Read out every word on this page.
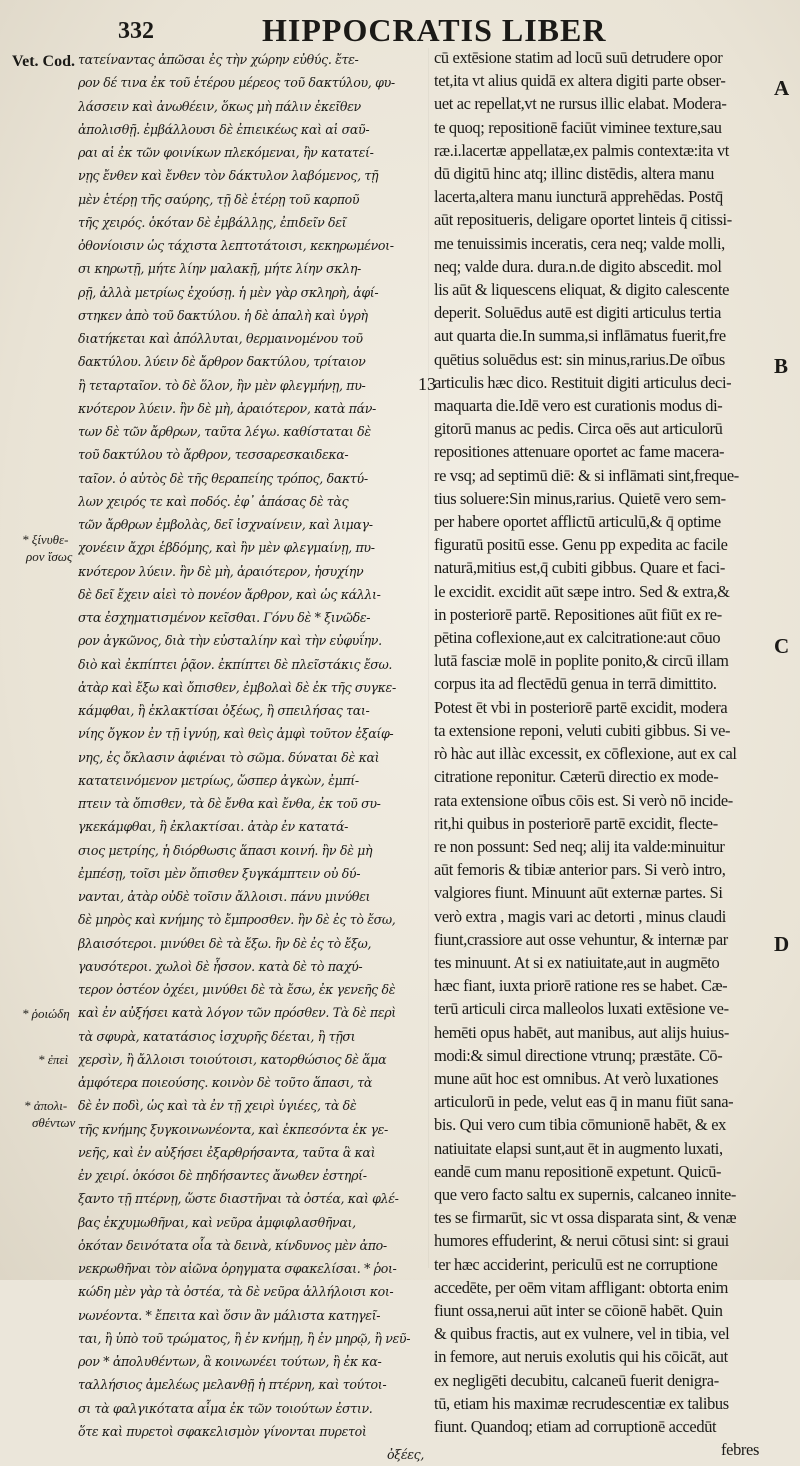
332	HIPPOCRATIS LIBER
Vet. Cod.
* ξίνυθε-
ρον ἴσως
* ῥοιώδη
* ἐπεὶ
* ἀπολι-
σθέντων
τατείναντας ἀπῶσαι ἐς τὴν χώρην εὐθύς. ἔτε-
ρον δέ τινα ἐκ τοῦ ἑτέρου μέρεος τοῦ δακτύλου, φυ-
λάσσειν καὶ ἀνωθέειν, ὅκως μὴ πάλιν ἐκεῖθεν
ἀπολισθῇ. ἐμβάλλουσι δὲ ἐπιεικέως καὶ αἱ σαῦ-
ραι αἱ ἐκ τῶν φοινίκων πλεκόμεναι, ἢν κατατεί-
νῃς ἔνθεν καὶ ἔνθεν τὸν δάκτυλον λαβόμενος, τῇ
μὲν ἑτέρῃ τῆς σαύρης, τῇ δὲ ἑτέρῃ τοῦ καρποῦ
τῆς χειρός. ὁκόταν δὲ ἐμβάλλῃς, ἐπιδεῖν δεῖ
ὀθονίοισιν ὡς τάχιστα λεπτοτάτοισι, κεκηρωμένοι-
σι κηρωτῇ, μήτε λίην μαλακῇ, μήτε λίην σκλη-
ρῇ, ἀλλὰ μετρίως ἐχούσῃ. ἡ μὲν γὰρ σκληρὴ, ἀφί-
στηκεν ἀπὸ τοῦ δακτύλου. ἡ δὲ ἁπαλὴ καὶ ὑγρὴ
διατήκεται καὶ ἀπόλλυται, θερμαινομένου τοῦ
δακτύλου. λύειν δὲ ἄρθρον δακτύλου, τρίταιον
ἢ τεταρταῖον. τὸ δὲ ὅλον, ἢν μὲν φλεγμήνῃ, πυ-
κνότερον λύειν. ἢν δὲ μὴ, ἀραιότερον, κατὰ πάν-
των δὲ τῶν ἄρθρων, ταῦτα λέγω. καθίσταται δὲ
τοῦ δακτύλου τὸ ἄρθρον, τεσσαρεσκαιδεκα-
ταῖον. ὁ αὐτὸς δὲ τῆς θεραπείης τρόπος, δακτύ-
λων χειρός τε καὶ ποδός. ἐφ᾽ ἁπάσας δὲ τὰς
τῶν ἄρθρων ἐμβολὰς, δεῖ ἰσχναίνειν, καὶ λιμαγ-
χονέειν ἄχρι ἑβδόμης, καὶ ἢν μὲν φλεγμαίνῃ, πυ-
κνότερον λύειν. ἢν δὲ μὴ, ἀραιότερον, ἡσυχίην
δὲ δεῖ ἔχειν αἰεὶ τὸ πονέον ἄρθρον, καὶ ὡς κάλλι-
στα ἐσχηματισμένον κεῖσθαι. Γόνυ δὲ * ξινῶδε-
ρον ἀγκῶνος, διὰ τὴν εὐσταλίην καὶ τὴν εὐφυΐην.
διὸ καὶ ἐκπίπτει ῥᾷον. ἐκπίπτει δὲ πλεῖστάκις ἔσω.
ἀτὰρ καὶ ἔξω καὶ ὄπισθεν, ἐμβολαὶ δὲ ἐκ τῆς συγκε-
κάμφθαι, ἢ ἐκλακτίσαι ὀξέως, ἢ σπειλήσας ται-
νίης ὄγκον ἐν τῇ ἰγνύῃ, καὶ θεὶς ἀμφὶ τοῦτον ἐξαίφ-
νης, ἐς ὄκλασιν ἀφιέναι τὸ σῶμα. δύναται δὲ καὶ
κατατεινόμενον μετρίως, ὥσπερ ἀγκὼν, ἐμπί-
πτειν τὰ ὄπισθεν, τὰ δὲ ἔνθα καὶ ἔνθα, ἐκ τοῦ συ-
γκεκάμφθαι, ἢ ἐκλακτίσαι. ἀτὰρ ἐν κατατά-
σιος μετρίης, ἡ διόρθωσις ἅπασι κοινή. ἢν δὲ μὴ
ἐμπέσῃ, τοῖσι μὲν ὄπισθεν ξυγκάμπτειν οὐ δύ-
νανται, ἀτὰρ οὐδὲ τοῖσιν ἄλλοισι. πάνυ μινύθει
δὲ μηρὸς καὶ κνήμης τὸ ἔμπροσθεν. ἢν δὲ ἐς τὸ ἔσω,
βλαισότεροι. μινύθει δὲ τὰ ἔξω. ἢν δὲ ἐς τὸ ἔξω,
γαυσότεροι. χωλοὶ δὲ ἧσσον. κατὰ δὲ τὸ παχύ-
τερον ὀστέον ὀχέει, μινύθει δὲ τὰ ἔσω, ἐκ γενεῆς δὲ
καὶ ἐν αὐξήσει κατὰ λόγον τῶν πρόσθεν. Τὰ δὲ περὶ
τὰ σφυρὰ, κατατάσιος ἰσχυρῆς δέεται, ἢ τῇσι
χερσὶν, ἢ ἄλλοισι τοιούτοισι, κατορθώσιος δὲ ἅμα
ἀμφότερα ποιεούσης. κοινὸν δὲ τοῦτο ἅπασι, τὰ
δὲ ἐν ποδὶ, ὡς καὶ τὰ ἐν τῇ χειρὶ ὑγιέες, τὰ δὲ
τῆς κνήμης ξυγκοινωνέοντα, καὶ ἐκπεσόντα ἐκ γε-
νεῆς, καὶ ἐν αὐξήσει ἐξαρθρήσαντα, ταῦτα ἃ καὶ
ἐν χειρί. ὁκόσοι δὲ πηδήσαντες ἄνωθεν ἐστηρί-
ξαντο τῇ πτέρνῃ, ὥστε διαστῆναι τὰ ὀστέα, καὶ φλέ-
βας ἐκχυμωθῆναι, καὶ νεῦρα ἀμφιφλασθῆναι,
ὁκόταν δεινότατα οἷα τὰ δεινὰ, κίνδυνος μὲν ἀπο-
νεκρωθῆναι τὸν αἰῶνα ὀρηγματα σφακελίσαι. * ῥοι-
κώδη μὲν γὰρ τὰ ὀστέα, τὰ δὲ νεῦρα ἀλλήλοισι κοι-
νωνέοντα. * ἔπειτα καὶ ὅσιν ἂν μάλιστα κατηγεῖ-
ται, ἢ ὑπὸ τοῦ τρώματος, ἢ ἐν κνήμῃ, ἢ ἐν μηρῷ, ἢ νεῦ-
ρον * ἀπολυθέντων, ἃ κοινωνέει τούτων, ἢ ἐκ κα-
ταλλήσιος ἀμελέως μελανθῇ ἡ πτέρνη, καὶ τούτοι-
σι τὰ φαλγικότατα αἷμα ἐκ τῶν τοιούτων ἐστιν.
ὅτε καὶ πυρετοὶ σφακελισμὸν γίνονται πυρετοὶ
ὀξέες,
13
cū extēsione statim ad locū suū detrudere opor
tet,ita vt alius quidā ex altera digiti parte obser-
uet ac repellat,vt ne rursus illic elabat. Modera-
te quoq; repositionē faciūt viminee texture,sau
ræ.i.lacertæ appellatæ,ex palmis contextæ:ita vt
dū digitū hinc atq; illinc distēdis, altera manu
lacerta,altera manu iuncturā apprehēdas. Postq̄
aūt repositueris, deligare oportet linteis q̄ citissi-
me tenuissimis inceratis, cera neq; valde molli,
neq; valde dura. dura.n.de digito abscedit. mol
lis aūt & liquescens eliquat, & digito calescente
deperit. Soluēdus autē est digiti articulus tertia
aut quarta die.In summa,si inflāmatus fuerit,fre
quētius soluēdus est: sin minus,rarius.De oībus
articulis hæc dico. Restituit digiti articulus deci-
maquarta die.Idē vero est curationis modus di-
gitorū manus ac pedis. Circa oēs aut articulorū
repositiones attenuare oportet ac fame macera-
re vsq; ad septimū diē: & si inflāmati sint,freque-
tius soluere:Sin minus,rarius. Quietē vero sem-
per habere oportet afflictū articulū,& q̄ optime
figuratū positū esse. Genu pp expedita ac facile
naturā,mitius est,q̄ cubiti gibbus. Quare et faci-
le excidit. excidit aūt sæpe intro. Sed & extra,&
in posteriorē partē. Repositiones aūt fiūt ex re-
pētina coflexione,aut ex calcitratione:aut cōuo
lutā fasciæ molē in poplite ponito,& circū illam
corpus ita ad flectēdū genua in terrā dimittito.
Potest ēt vbi in posteriorē partē excidit, modera
ta extensione reponi, veluti cubiti gibbus. Si ve-
rò hàc aut illàc excessit, ex cōflexione, aut ex cal
citratione reponitur. Cæterū directio ex mode-
rata extensione oībus cōis est. Si verò nō incide-
rit,hi quibus in posteriorē partē excidit, flecte-
re non possunt: Sed neq; alij ita valde:minuitur
aūt femoris & tibiæ anterior pars. Si verò intro,
valgiores fiunt. Minuunt aūt externæ partes. Si
verò extra , magis vari ac detorti , minus claudi
fiunt,crassiore aut osse vehuntur, & internæ par
tes minuunt. At si ex natiuitate,aut in augmēto
hæc fiant, iuxta priorē ratione res se habet. Cæ-
terū articuli circa malleolos luxati extēsione ve-
hemēti opus habēt, aut manibus, aut alijs huius-
modi:& simul directione vtrunq; præstāte. Cō-
mune aūt hoc est omnibus. At verò luxationes
articulorū in pede, velut eas q̄ in manu fiūt sana-
bis. Qui vero cum tibia cōmunionē habēt, & ex
natiuitate elapsi sunt,aut ēt in augmento luxati,
eandē cum manu repositionē expetunt. Quicū-
que vero facto saltu ex supernis, calcaneo innite-
tes se firmarūt, sic vt ossa disparata sint, & venæ
humores effuderint, & nerui cōtusi sint: si graui
ter hæc acciderint, periculū est ne corruptione
accedēte, per oēm vitam affligant: obtorta enim
fiunt ossa,nerui aūt inter se cōionē habēt. Quin
& quibus fractis, aut ex vulnere, vel in tibia, vel
in femore, aut neruis exolutis qui his cōicāt, aut
ex negligēti decubitu, calcaneū fuerit denigra-
tū, etiam his maximæ recrudescentiæ ex talibus
fiunt. Quandoq; etiam ad corruptionē accedūt
febres
A
B
C
D
